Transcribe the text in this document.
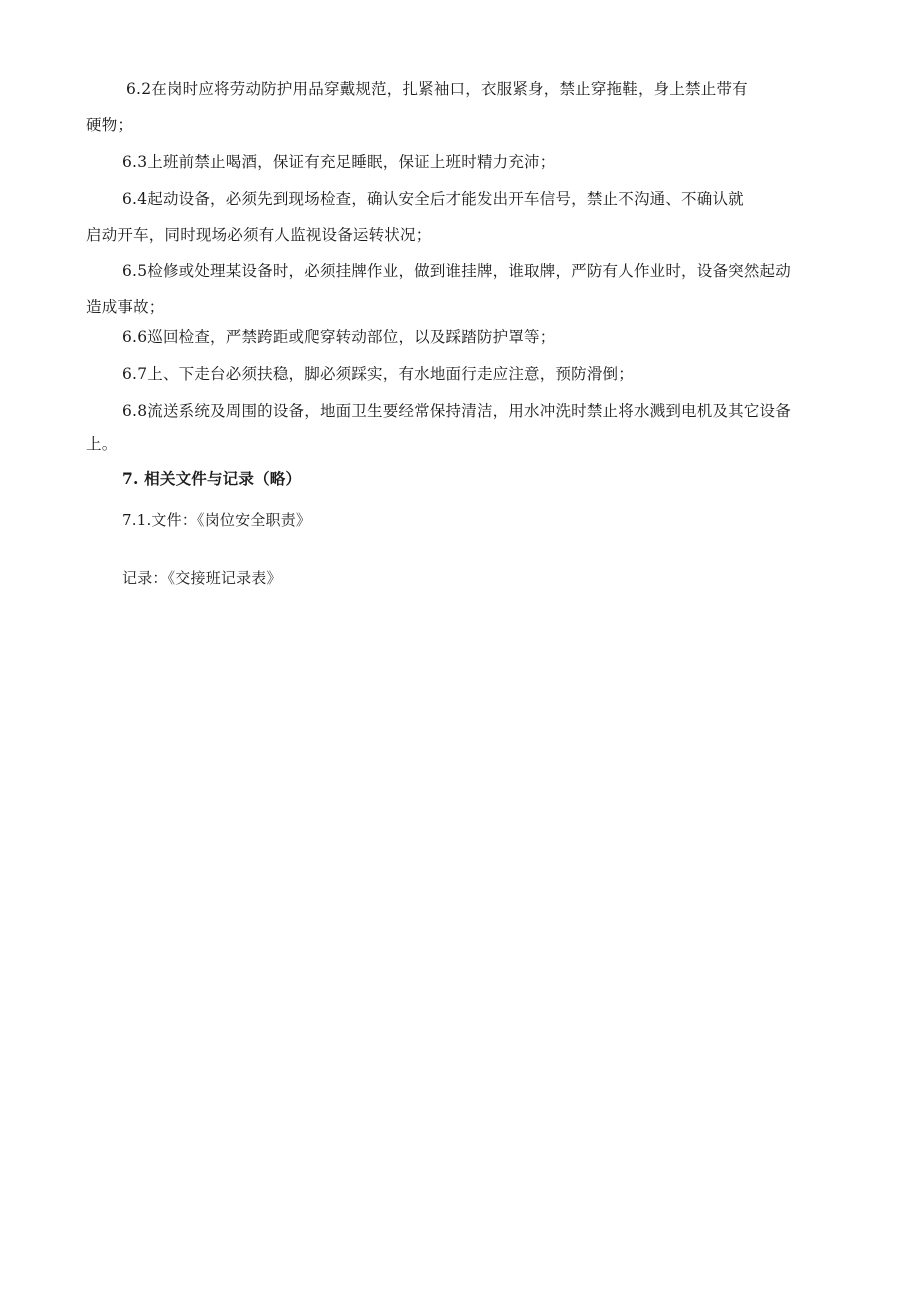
6.2在岗时应将劳动防护用品穿戴规范，扎紧袖口，衣服紧身，禁止穿拖鞋，身上禁止带有
硬物；
6.3上班前禁止喝酒，保证有充足睡眠，保证上班时精力充沛；
6.4起动设备，必须先到现场检查，确认安全后才能发出开车信号，禁止不沟通、不确认就
启动开车，同时现场必须有人监视设备运转状况；
6.5检修或处理某设备时，必须挂牌作业，做到谁挂牌，谁取牌，严防有人作业时，设备突然起动
造成事故；
6.6巡回检查，严禁跨距或爬穿转动部位，以及踩踏防护罩等；
6.7上、下走台必须扶稳，脚必须踩实，有水地面行走应注意，预防滑倒；
6.8流送系统及周围的设备，地面卫生要经常保持清洁，用水冲洗时禁止将水溅到电机及其它设备
上。
7. 相关文件与记录（略）
7.1.文件：《岗位安全职责》
记录：《交接班记录表》
